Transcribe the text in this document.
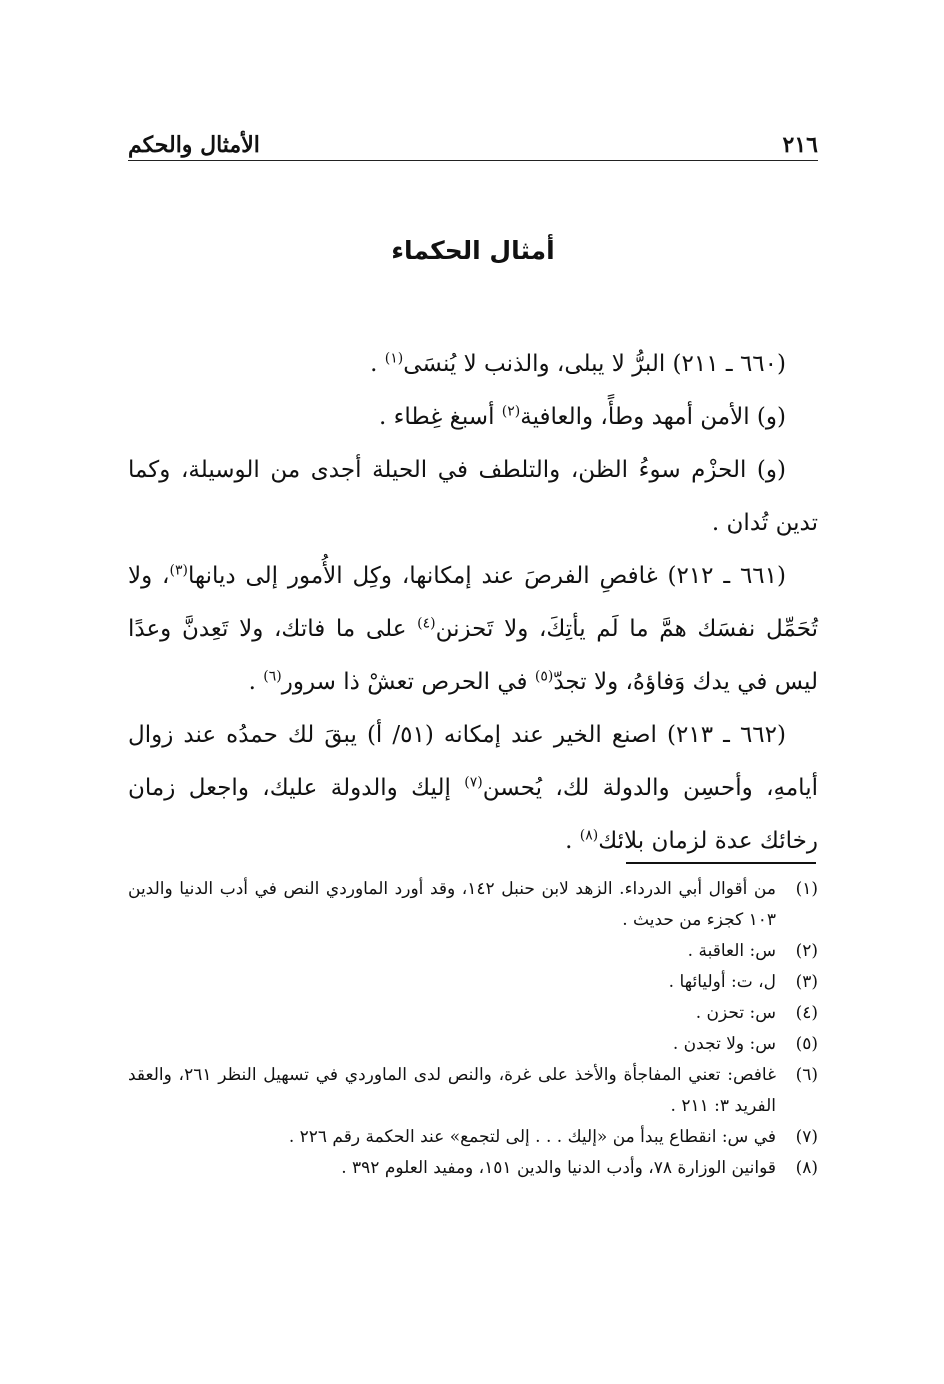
٢١٦
الأمثال والحكم
أمثال الحكماء

(٦٦٠ ـ ٢١١) البرُّ لا يبلى، والذنب لا يُنسَى$^{(١)}$ .

(و) الأمن أمهد وطأً، والعافية$^{(٢)}$ أسبغ غِطاء .

(و) الحزْم سوءُ الظن، والتلطف في الحيلة أجدى من الوسيلة، وكما تدين تُدان .

(٦٦١ ـ ٢١٢) غافصِ الفرصَ عند إمكانها، وكِل الأُمور إلى ديانها$^{(٣)}$، ولا تُحَمِّل نفسَك همَّ ما لَم يأتِكَ، ولا تَحزنن$^{(٤)}$ على ما فاتك، ولا تَعِدنَّ وعدًا ليس في يدك وَفاؤهُ، ولا تجدّ$^{(٥)}$ في الحرص تعشْ ذا سرور$^{(٦)}$ .

(٦٦٢ ـ ٢١٣) اصنع الخير عند إمكانه (٥١/ أ) يبقَ لك حمدُه عند زوال أيامهِ، وأحسِن والدولة لك، يُحسن$^{(٧)}$ إليك والدولة عليك، واجعل زمان رخائك عدة لزمان بلائك$^{(٨)}$ .

(١)
من أقوال أبي الدرداء. الزهد لابن حنبل ١٤٢، وقد أورد الماوردي النص في أدب الدنيا والدين ١٠٣ كجزء من حديث .
(٢)
س: العاقبة .
(٣)
ل، ت: أوليائها .
(٤)
س: تحزن .
(٥)
س: ولا تجدن .
(٦)
غافص: تعني المفاجأة والأخذ على غرة، والنص لدى الماوردي في تسهيل النظر ٢٦١، والعقد الفريد ٣: ٢١١ .
(٧)
في س: انقطاع يبدأ من «إليك . . . إلى لتجمع» عند الحكمة رقم ٢٢٦ .
(٨)
قوانين الوزارة ٧٨، وأدب الدنيا والدين ١٥١، ومفيد العلوم ٣٩٢ .
